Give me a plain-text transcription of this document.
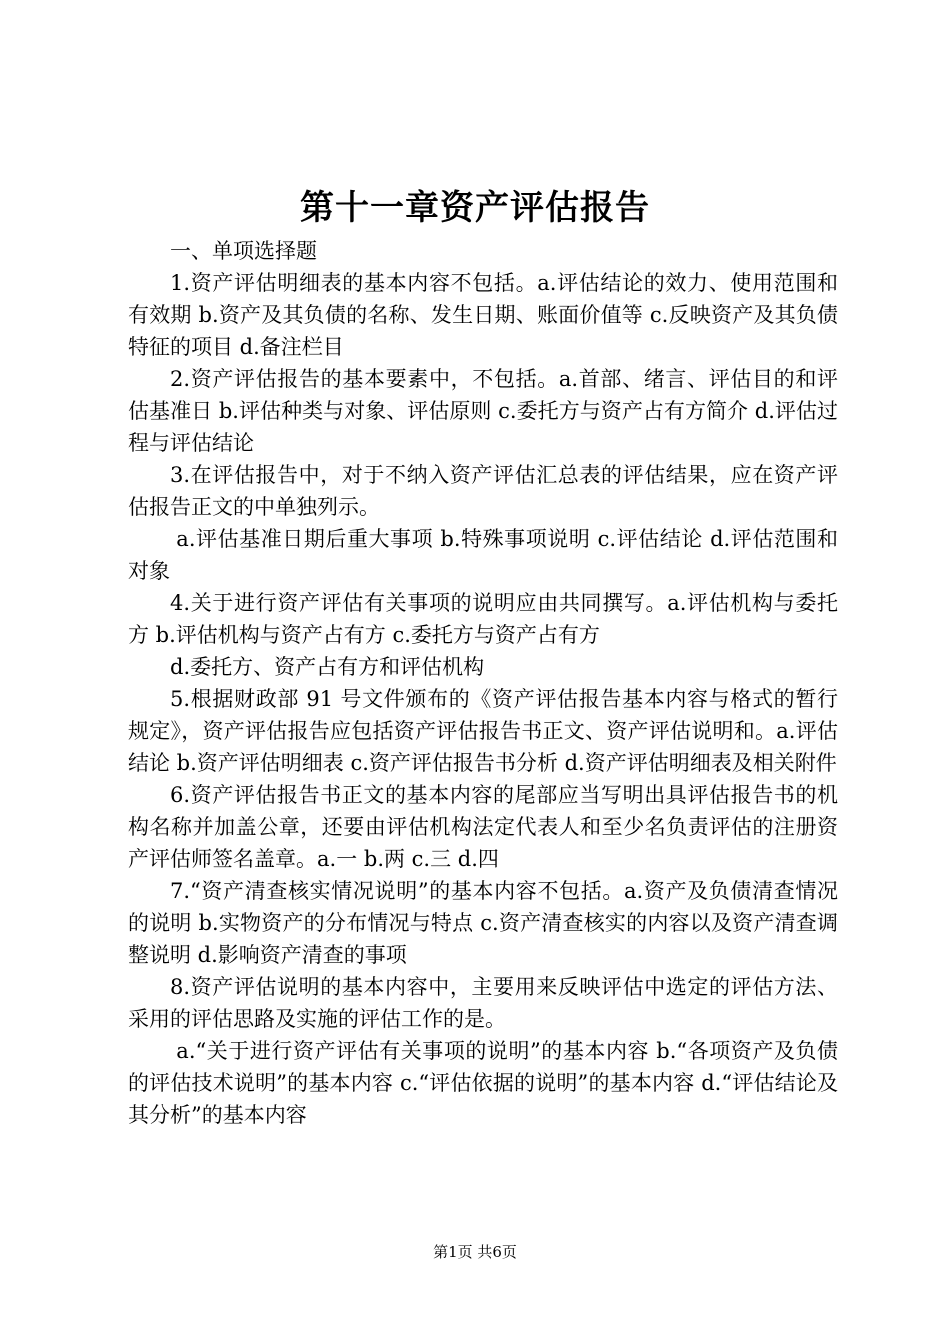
第十一章资产评估报告

一、单项选择题

1.资产评估明细表的基本内容不包括。a.评估结论的效力、使用范围和有效期 b.资产及其负债的名称、发生日期、账面价值等 c.反映资产及其负债特征的项目 d.备注栏目

2.资产评估报告的基本要素中，不包括。a.首部、绪言、评估目的和评估基准日 b.评估种类与对象、评估原则 c.委托方与资产占有方简介 d.评估过程与评估结论

3.在评估报告中，对于不纳入资产评估汇总表的评估结果，应在资产评估报告正文的中单独列示。

a.评估基准日期后重大事项 b.特殊事项说明 c.评估结论 d.评估范围和对象

4.关于进行资产评估有关事项的说明应由共同撰写。a.评估机构与委托方 b.评估机构与资产占有方 c.委托方与资产占有方

d.委托方、资产占有方和评估机构

5.根据财政部 91 号文件颁布的《资产评估报告基本内容与格式的暂行规定》，资产评估报告应包括资产评估报告书正文、资产评估说明和。a.评估结论 b.资产评估明细表 c.资产评估报告书分析 d.资产评估明细表及相关附件

6.资产评估报告书正文的基本内容的尾部应当写明出具评估报告书的机构名称并加盖公章，还要由评估机构法定代表人和至少名负责评估的注册资产评估师签名盖章。a.一 b.两 c.三 d.四

7.“资产清查核实情况说明”的基本内容不包括。a.资产及负债清查情况的说明 b.实物资产的分布情况与特点 c.资产清查核实的内容以及资产清查调整说明 d.影响资产清查的事项

8.资产评估说明的基本内容中，主要用来反映评估中选定的评估方法、采用的评估思路及实施的评估工作的是。

a.“关于进行资产评估有关事项的说明”的基本内容 b.“各项资产及负债的评估技术说明”的基本内容 c.“评估依据的说明”的基本内容 d.“评估结论及其分析”的基本内容

第1页 共6页
